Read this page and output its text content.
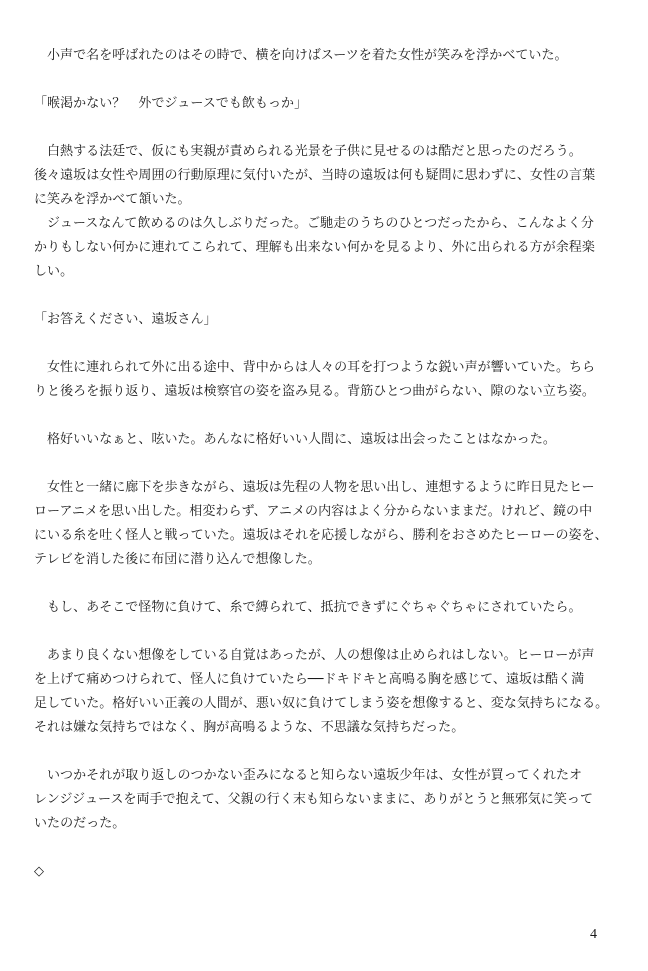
小声で名を呼ばれたのはその時で、横を向けばスーツを着た女性が笑みを浮かべていた。
「喉渇かない？　外でジュースでも飲もっか」
白熱する法廷で、仮にも実親が責められる光景を子供に見せるのは酷だと思ったのだろう。
後々遠坂は女性や周囲の行動原理に気付いたが、当時の遠坂は何も疑問に思わずに、女性の言葉
に笑みを浮かべて頷いた。
ジュースなんて飲めるのは久しぶりだった。ご馳走のうちのひとつだったから、こんなよく分
かりもしない何かに連れてこられて、理解も出来ない何かを見るより、外に出られる方が余程楽
しい。
「お答えください、遠坂さん」
女性に連れられて外に出る途中、背中からは人々の耳を打つような鋭い声が響いていた。ちら
りと後ろを振り返り、遠坂は検察官の姿を盗み見る。背筋ひとつ曲がらない、隙のない立ち姿。
格好いいなぁと、呟いた。あんなに格好いい人間に、遠坂は出会ったことはなかった。
女性と一緒に廊下を歩きながら、遠坂は先程の人物を思い出し、連想するように昨日見たヒー
ローアニメを思い出した。相変わらず、アニメの内容はよく分からないままだ。けれど、鏡の中
にいる糸を吐く怪人と戦っていた。遠坂はそれを応援しながら、勝利をおさめたヒーローの姿を、
テレビを消した後に布団に潜り込んで想像した。
もし、あそこで怪物に負けて、糸で縛られて、抵抗できずにぐちゃぐちゃにされていたら。
あまり良くない想像をしている自覚はあったが、人の想像は止められはしない。ヒーローが声
を上げて痛めつけられて、怪人に負けていたら──ドキドキと高鳴る胸を感じて、遠坂は酷く満
足していた。格好いい正義の人間が、悪い奴に負けてしまう姿を想像すると、変な気持ちになる。
それは嫌な気持ちではなく、胸が高鳴るような、不思議な気持ちだった。
いつかそれが取り返しのつかない歪みになると知らない遠坂少年は、女性が買ってくれたオ
レンジジュースを両手で抱えて、父親の行く末も知らないままに、ありがとうと無邪気に笑って
いたのだった。
◇
4
